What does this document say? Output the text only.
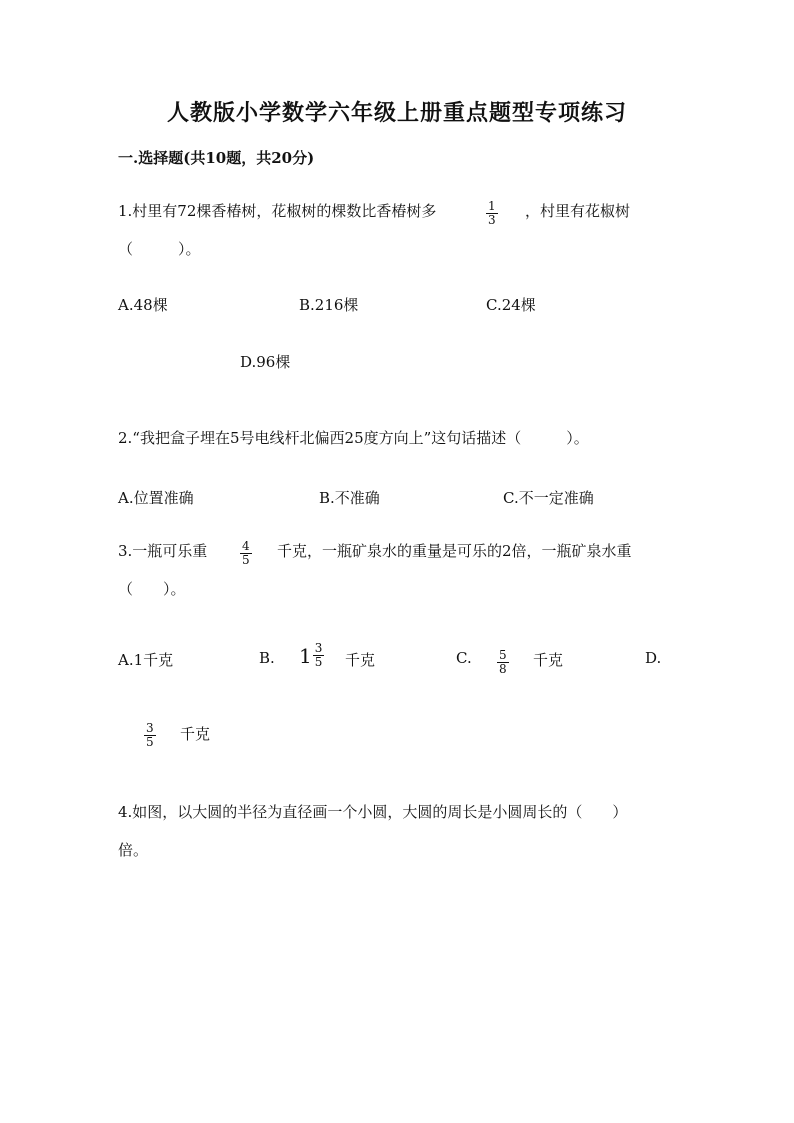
人教版小学数学六年级上册重点题型专项练习
一.选择题(共10题，共20分)
1.村里有72棵香椿树，花椒树的棵数比香椿树多	$\frac{1}{3}$ ，村里有花椒树
（　　　）。
A.48棵	B.216棵	C.24棵
D.96棵
2.“我把盒子埋在5号电线杆北偏西25度方向上”这句话描述（　　　）。
A.位置准确	B.不准确	C.不一定准确
3.一瓶可乐重	$\frac{4}{5}$ 千克，一瓶矿泉水的重量是可乐的2倍，一瓶矿泉水重
（　　）。
A.1千克	B. $1 \frac{3}{5}$ 千克	C. $\frac{5}{8}$ 千克	D.
$\frac{3}{5}$ 千克
4.如图，以大圆的半径为直径画一个小圆，大圆的周长是小圆周长的（　　）
倍。
